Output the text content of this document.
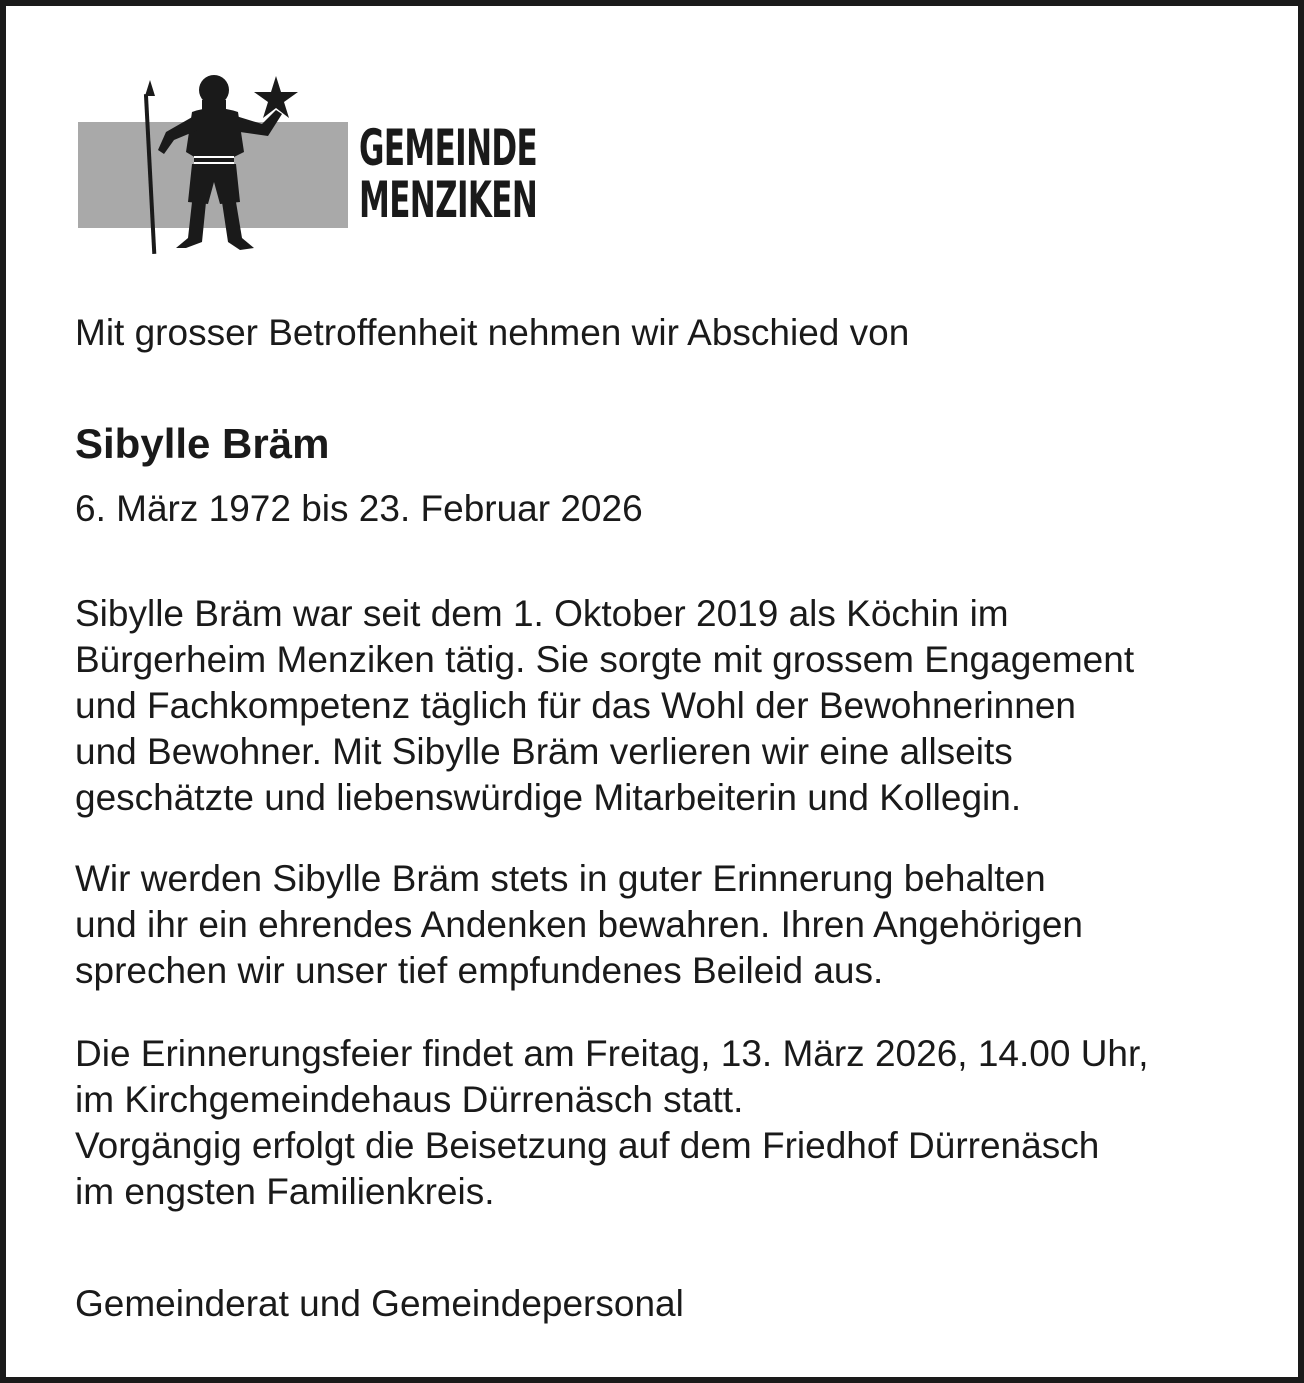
GEMEINDE
MENZIKEN

Mit grosser Betroffenheit nehmen wir Abschied von

Sibylle Bräm

6. März 1972 bis 23. Februar 2026

Sibylle Bräm war seit dem 1. Oktober 2019 als Köchin im
Bürgerheim Menziken tätig. Sie sorgte mit grossem Engagement
und Fachkompetenz täglich für das Wohl der Bewohnerinnen
und Bewohner. Mit Sibylle Bräm verlieren wir eine allseits
geschätzte und liebenswürdige Mitarbeiterin und Kollegin.
Wir werden Sibylle Bräm stets in guter Erinnerung behalten
und ihr ein ehrendes Andenken bewahren. Ihren Angehörigen
sprechen wir unser tief empfundenes Beileid aus.
Die Erinnerungsfeier findet am Freitag, 13. März 2026, 14.00 Uhr,
im Kirchgemeindehaus Dürrenäsch statt.
Vorgängig erfolgt die Beisetzung auf dem Friedhof Dürrenäsch
im engsten Familienkreis.

Gemeinderat und Gemeindepersonal
